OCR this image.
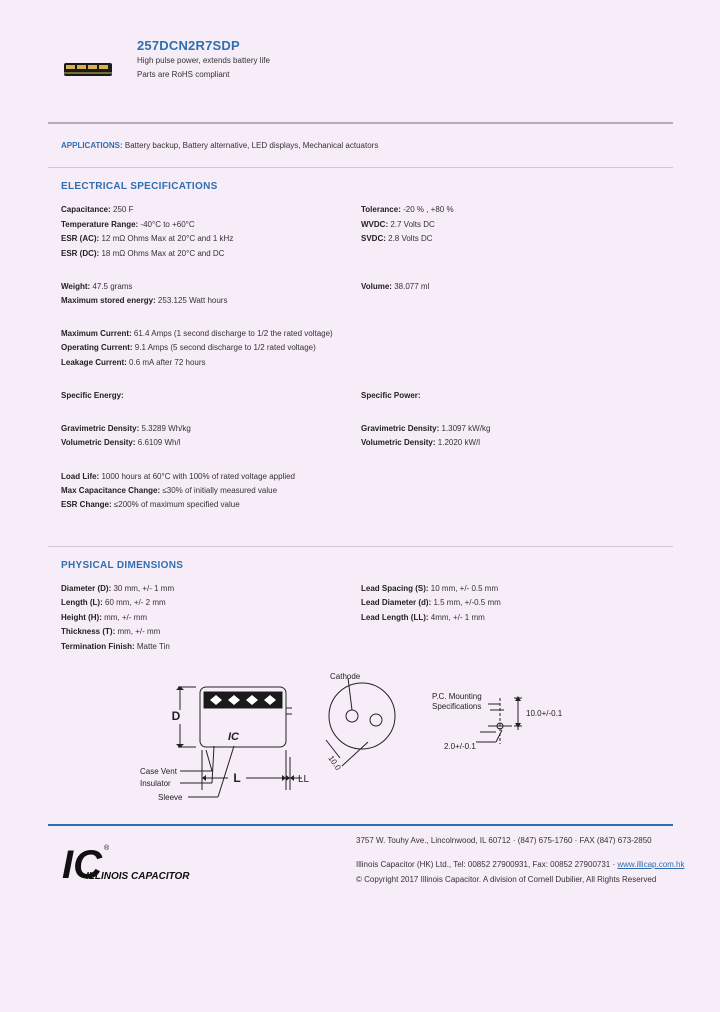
257DCN2R7SDP
High pulse power, extends battery life
Parts are RoHS compliant
APPLICATIONS: Battery backup, Battery alternative, LED displays, Mechanical actuators
ELECTRICAL SPECIFICATIONS
Capacitance: 250 F	Tolerance: -20 % , +80 %
Temperature Range: -40°C to +60°C	WVDC: 2.7 Volts DC
ESR (AC): 12 mΩ Ohms Max at 20°C and 1 kHz	SVDC: 2.8 Volts DC
ESR (DC): 18 mΩ Ohms Max at 20°C and DC
Weight: 47.5 grams	Volume: 38.077 ml
Maximum stored energy: 253.125 Watt hours
Maximum Current: 61.4 Amps (1 second discharge to 1/2 the rated voltage)
Operating Current: 9.1 Amps (5 second discharge to 1/2 rated voltage)
Leakage Current: 0.6 mA after 72 hours
Specific Energy:	Specific Power:
Gravimetric Density: 5.3289 Wh/kg	Gravimetric Density: 1.3097 kW/kg
Volumetric Density: 6.6109 Wh/l	Volumetric Density: 1.2020 kW/l
Load Life: 1000 hours at 60°C with 100% of rated voltage applied
Max Capacitance Change: ≤30% of initially measured value
ESR Change: ≤200% of maximum specified value
PHYSICAL DIMENSIONS
Diameter (D): 30 mm, +/- 1 mm	Lead Spacing (S): 10 mm, +/- 0.5 mm
Length (L): 60 mm, +/- 2 mm	Lead Diameter (d): 1.5 mm, +/-0.5 mm
Height (H): mm, +/- mm	Lead Length (LL): 4mm, +/- 1 mm
Thickness (T): mm, +/- mm
Termination Finish: Matte Tin
D
L	LL
IC
Case Vent
Insulator
Sleeve
Cathode
10.0
P.C. Mounting
Specifications
10.0+/-0.1
2.0+/-0.1
IC ®
ILLINOIS CAPACITOR
3757 W. Touhy Ave., Lincolnwood, IL 60712 · (847) 675-1760 · FAX (847) 673-2850
Illinois Capacitor (HK) Ltd., Tel: 00852 27900931, Fax: 00852 27900731 · www.illicap.com.hk
© Copyright 2017 Illinois Capacitor. A division of Cornell Dubilier, All Rights Reserved
